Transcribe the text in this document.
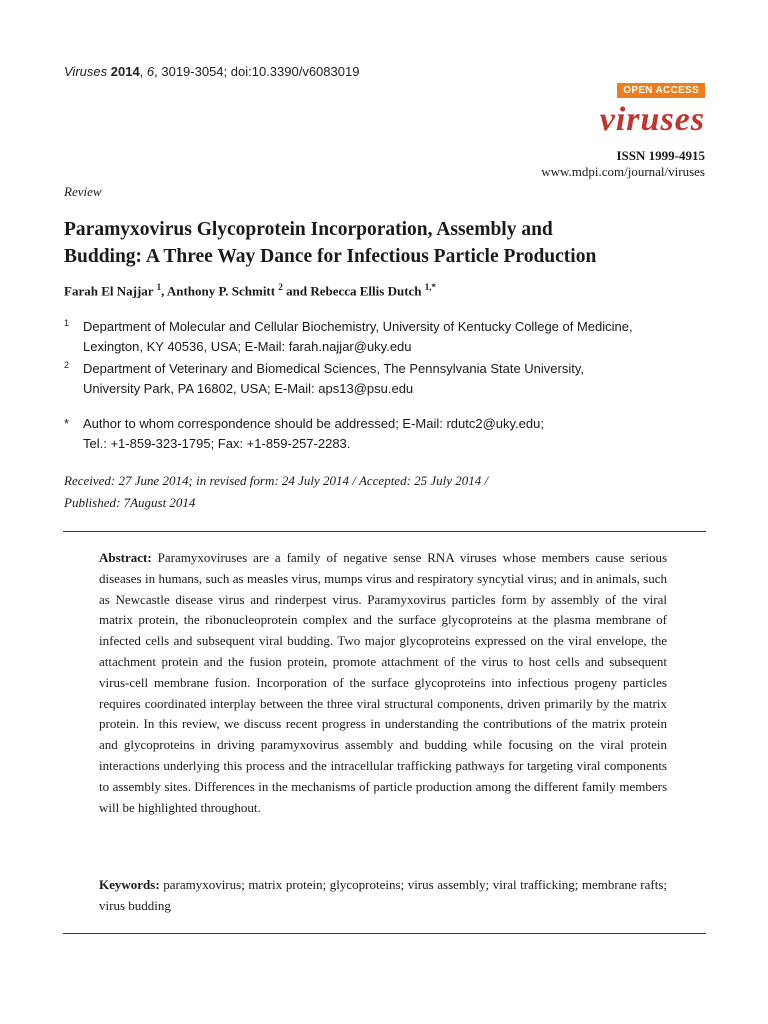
Viruses 2014, 6, 3019-3054; doi:10.3390/v6083019
OPEN ACCESS
viruses
ISSN 1999-4915
www.mdpi.com/journal/viruses
Review
Paramyxovirus Glycoprotein Incorporation, Assembly and
Budding: A Three Way Dance for Infectious Particle Production
Farah El Najjar $^1$, Anthony P. Schmitt $^2$ and Rebecca Ellis Dutch $^{1,*}$
1 Department of Molecular and Cellular Biochemistry, University of Kentucky College of Medicine,
Lexington, KY 40536, USA; E-Mail: farah.najjar@uky.edu
2 Department of Veterinary and Biomedical Sciences, The Pennsylvania State University,
University Park, PA 16802, USA; E-Mail: aps13@psu.edu
* Author to whom correspondence should be addressed; E-Mail: rdutc2@uky.edu;
Tel.: +1-859-323-1795; Fax: +1-859-257-2283.
Received: 27 June 2014; in revised form: 24 July 2014 / Accepted: 25 July 2014 /
Published: 7August 2014

Abstract: Paramyxoviruses are a family of negative sense RNA viruses whose members cause serious diseases in humans, such as measles virus, mumps virus and respiratory syncytial virus; and in animals, such as Newcastle disease virus and rinderpest virus. Paramyxovirus particles form by assembly of the viral matrix protein, the ribonucleoprotein complex and the surface glycoproteins at the plasma membrane of infected cells and subsequent viral budding. Two major glycoproteins expressed on the viral envelope, the attachment protein and the fusion protein, promote attachment of the virus to host cells and subsequent virus-cell membrane fusion. Incorporation of the surface glycoproteins into infectious progeny particles requires coordinated interplay between the three viral structural components, driven primarily by the matrix protein. In this review, we discuss recent progress in understanding the contributions of the matrix protein and glycoproteins in driving paramyxovirus assembly and budding while focusing on the viral protein interactions underlying this process and the intracellular trafficking pathways for targeting viral components to assembly sites. Differences in the mechanisms of particle production among the different family members will be highlighted throughout.

Keywords: paramyxovirus; matrix protein; glycoproteins; virus assembly; viral trafficking; membrane rafts; virus budding
